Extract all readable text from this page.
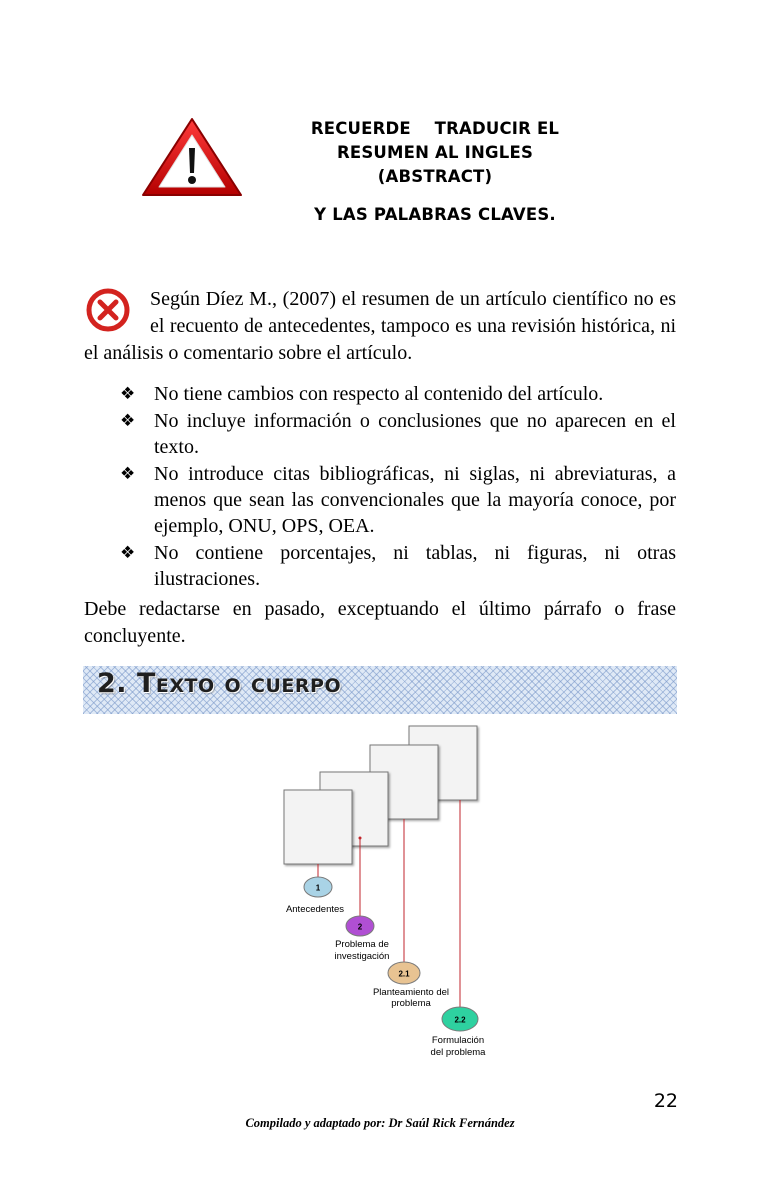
RECUERDE    TRADUCIR EL
RESUMEN AL INGLES
(ABSTRACT)
Y LAS PALABRAS CLAVES.
Según Díez M., (2007) el resumen de un artículo científico no es el recuento de antecedentes, tampoco es una revisión histórica, ni el análisis o comentario sobre el artículo.
❖ No tiene cambios con respecto al contenido del artículo.
❖ No incluye información o conclusiones que no aparecen en el texto.
❖ No introduce citas bibliográficas, ni siglas, ni abreviaturas, a menos que sean las convencionales que la mayoría conoce, por ejemplo, ONU, OPS, OEA.
❖ No contiene porcentajes, ni tablas, ni figuras, ni otras ilustraciones.
Debe redactarse en pasado, exceptuando el último párrafo o frase concluyente.
2. Texto o cuerpo
1
Antecedentes
2
Problema de
investigación
2.1
Planteamiento del
problema
2.2
Formulación
del problema
22
Compilado y adaptado por: Dr Saúl Rick Fernández
